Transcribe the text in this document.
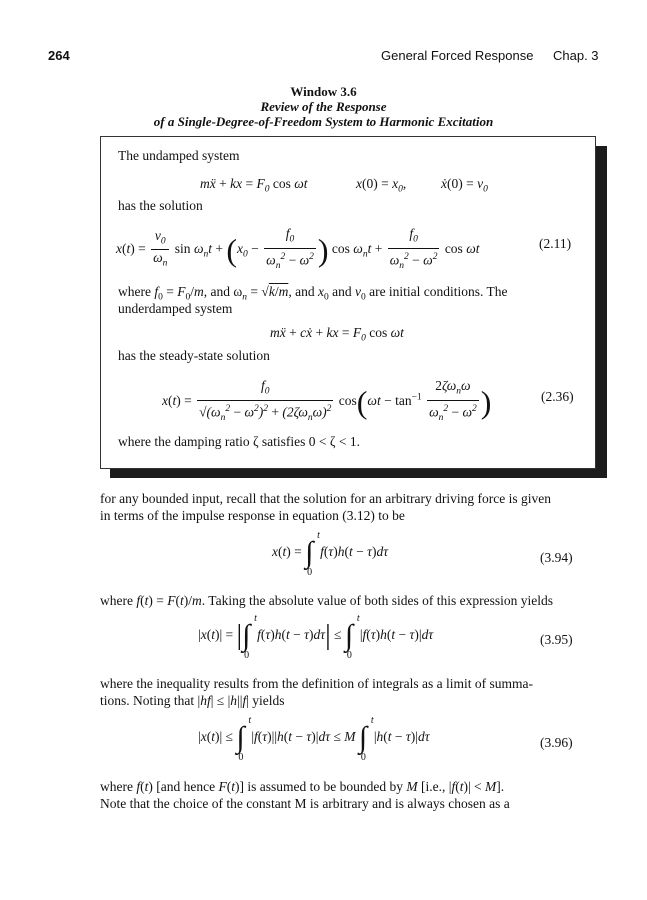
264	General Forced Response Chap. 3
Window 3.6
Review of the Response
of a Single-Degree-of-Freedom System to Harmonic Excitation
The undamped system
mẍ + kx = $F_0$ cos ωt	$x(0) = x_0$,	ẋ(0) = $v_0$
has the solution
$x(t) = \frac{v_0}{\omega_n}$ $\sin \omega_nt + (x_0 - \frac{f_0}{\omega_n^2 - \omega^2}$ ) $\cos \omega_nt + \frac{f_0}{\omega_n^2 - \omega^2}$ cos ωt	(2.11)
where $f_0 = F_0/m$, and $\omega_n = √k/m$, and $x_0$ and $v_0$ are initial conditions. The
underdamped system
mẍ + cẋ + kx = $F_0$ cos ωt
has the steady-state solution
$x(t) = \frac{f_0}{√(\omega_n^2 - \omega^2)^2 + (2\zeta\omega_n\omega)^2} \cos(\omega t - \tan^{-1} \frac{2\zeta\omega_n\omega}{\omega_n^2 - \omega^2}$ )	(2.36)
where the damping ratio ζ satisfies 0 < ζ < 1.
for any bounded input, recall that the solution for an arbitrary driving force is given
in terms of the impulse response in equation (3.12) to be
x(t) = ∫
t
0
f(τ)h(t − τ)dτ	(3.94)
where f(t) = F(t)/m. Taking the absolute value of both sides of this expression yields
|x(t)| = |∫
t
0
f(τ)h(t − τ)dτ| ≤ ∫
t
0
|f(τ)h(t − τ)|dτ	(3.95)
where the inequality results from the definition of integrals as a limit of summa-
tions. Noting that |hf| ≤ |h||f| yields
|x(t)| ≤ ∫
t
0
|f(τ)||h(t − τ)|dτ ≤ M ∫
t
0
|h(t − τ)|dτ	(3.96)
where f(t) [and hence F(t)] is assumed to be bounded by M [i.e., |f(t)| < M].
Note that the choice of the constant M is arbitrary and is always chosen as a
